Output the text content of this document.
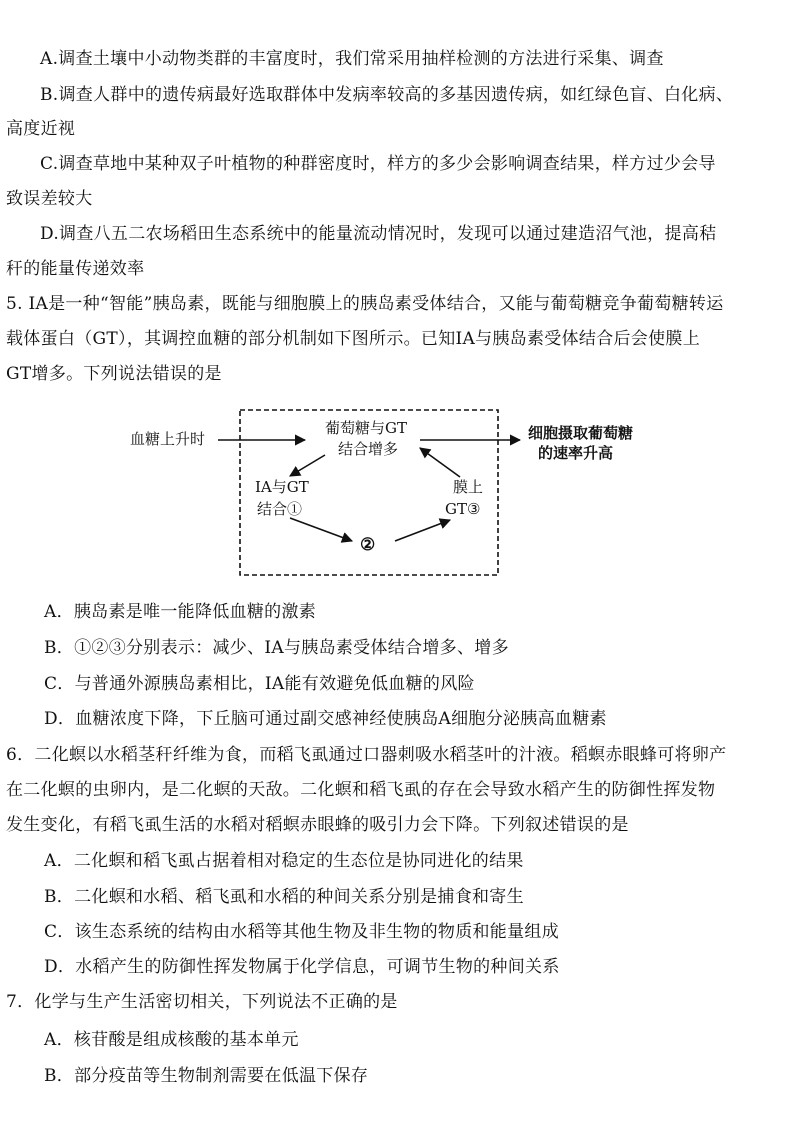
A.调查土壤中小动物类群的丰富度时，我们常采用抽样检测的方法进行采集、调查
B.调查人群中的遗传病最好选取群体中发病率较高的多基因遗传病，如红绿色盲、白化病、
高度近视
C.调查草地中某种双子叶植物的种群密度时，样方的多少会影响调查结果，样方过少会导
致误差较大
D.调查八五二农场稻田生态系统中的能量流动情况时，发现可以通过建造沼气池，提高秸
秆的能量传递效率
5. IA是一种“智能”胰岛素，既能与细胞膜上的胰岛素受体结合，又能与葡萄糖竞争葡萄糖转运
载体蛋白（GT），其调控血糖的部分机制如下图所示。已知IA与胰岛素受体结合后会使膜上
GT增多。下列说法错误的是
血糖上升时
葡萄糖与GT
结合增多
细胞摄取葡萄糖
的速率升高
IA与GT
结合①
膜上
GT③
②
A．胰岛素是唯一能降低血糖的激素
B．①②③分别表示：减少、IA与胰岛素受体结合增多、增多
C．与普通外源胰岛素相比，IA能有效避免低血糖的风险
D．血糖浓度下降，下丘脑可通过副交感神经使胰岛A细胞分泌胰高血糖素
6．二化螟以水稻茎秆纤维为食，而稻飞虱通过口器刺吸水稻茎叶的汁液。稻螟赤眼蜂可将卵产
在二化螟的虫卵内，是二化螟的天敌。二化螟和稻飞虱的存在会导致水稻产生的防御性挥发物
发生变化，有稻飞虱生活的水稻对稻螟赤眼蜂的吸引力会下降。下列叙述错误的是
A．二化螟和稻飞虱占据着相对稳定的生态位是协同进化的结果
B．二化螟和水稻、稻飞虱和水稻的种间关系分别是捕食和寄生
C．该生态系统的结构由水稻等其他生物及非生物的物质和能量组成
D．水稻产生的防御性挥发物属于化学信息，可调节生物的种间关系
7．化学与生产生活密切相关，下列说法不正确的是
A．核苷酸是组成核酸的基本单元
B．部分疫苗等生物制剂需要在低温下保存
